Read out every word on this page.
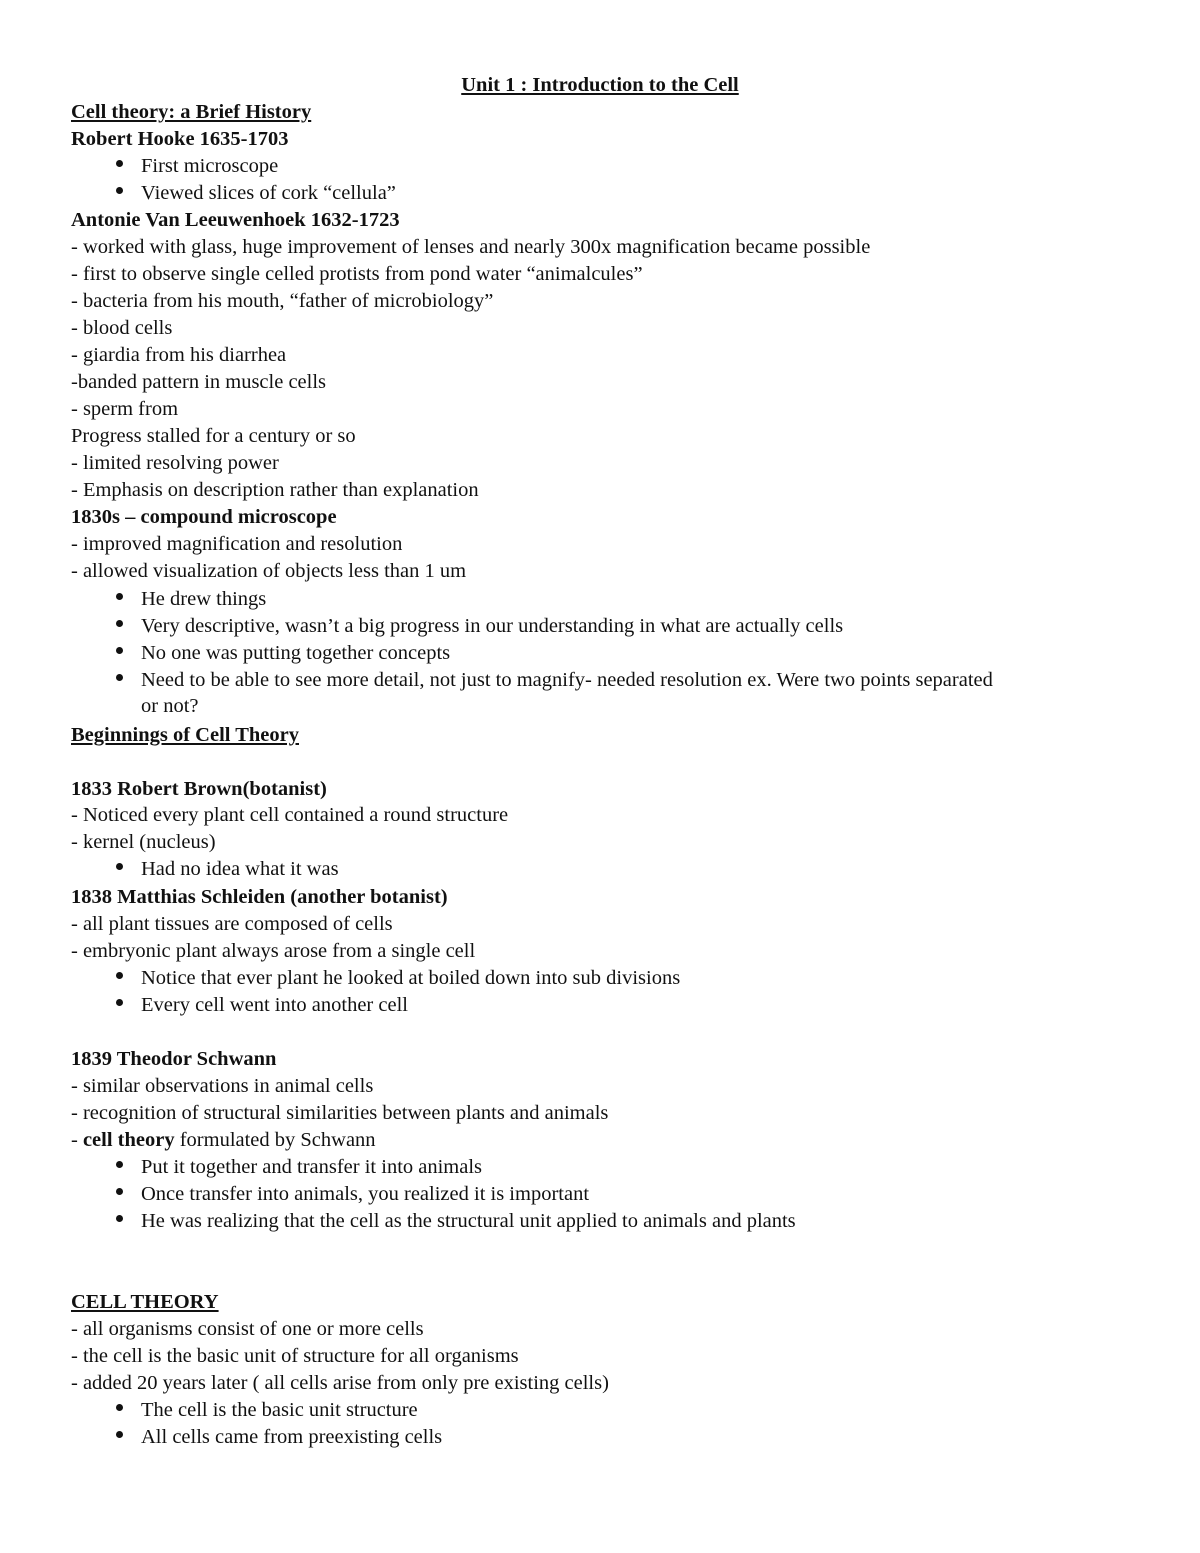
Unit 1 : Introduction to the Cell
Cell theory: a Brief History
Robert Hooke 1635-1703
First microscope
Viewed slices of cork “cellula”
Antonie Van Leeuwenhoek 1632-1723
- worked with glass, huge improvement of lenses and nearly 300x magnification became possible
- first to observe single celled protists from pond water “animalcules”
- bacteria from his mouth, “father of microbiology”
- blood cells
- giardia from his diarrhea
-banded pattern in muscle cells
- sperm from
Progress stalled for a century or so
- limited resolving power
- Emphasis on description rather than explanation
1830s – compound microscope
- improved magnification and resolution
- allowed visualization of objects less than 1 um
He drew things
Very descriptive, wasn’t a big progress in our understanding in what are actually cells
No one was putting together concepts
Need to be able to see more detail, not just to magnify- needed resolution ex. Were two points separated
or not?
Beginnings of Cell Theory
1833 Robert Brown(botanist)
- Noticed every plant cell contained a round structure
- kernel (nucleus)
Had no idea what it was
1838 Matthias Schleiden (another botanist)
- all plant tissues are composed of cells
- embryonic plant always arose from a single cell
Notice that ever plant he looked at boiled down into sub divisions
Every cell went into another cell
1839 Theodor Schwann
- similar observations in animal cells
- recognition of structural similarities between plants and animals
- cell theory formulated by Schwann
Put it together and transfer it into animals
Once transfer into animals, you realized it is important
He was realizing that the cell as the structural unit applied to animals and plants
CELL THEORY
- all organisms consist of one or more cells
- the cell is the basic unit of structure for all organisms
- added 20 years later ( all cells arise from only pre existing cells)
The cell is the basic unit structure
All cells came from preexisting cells
